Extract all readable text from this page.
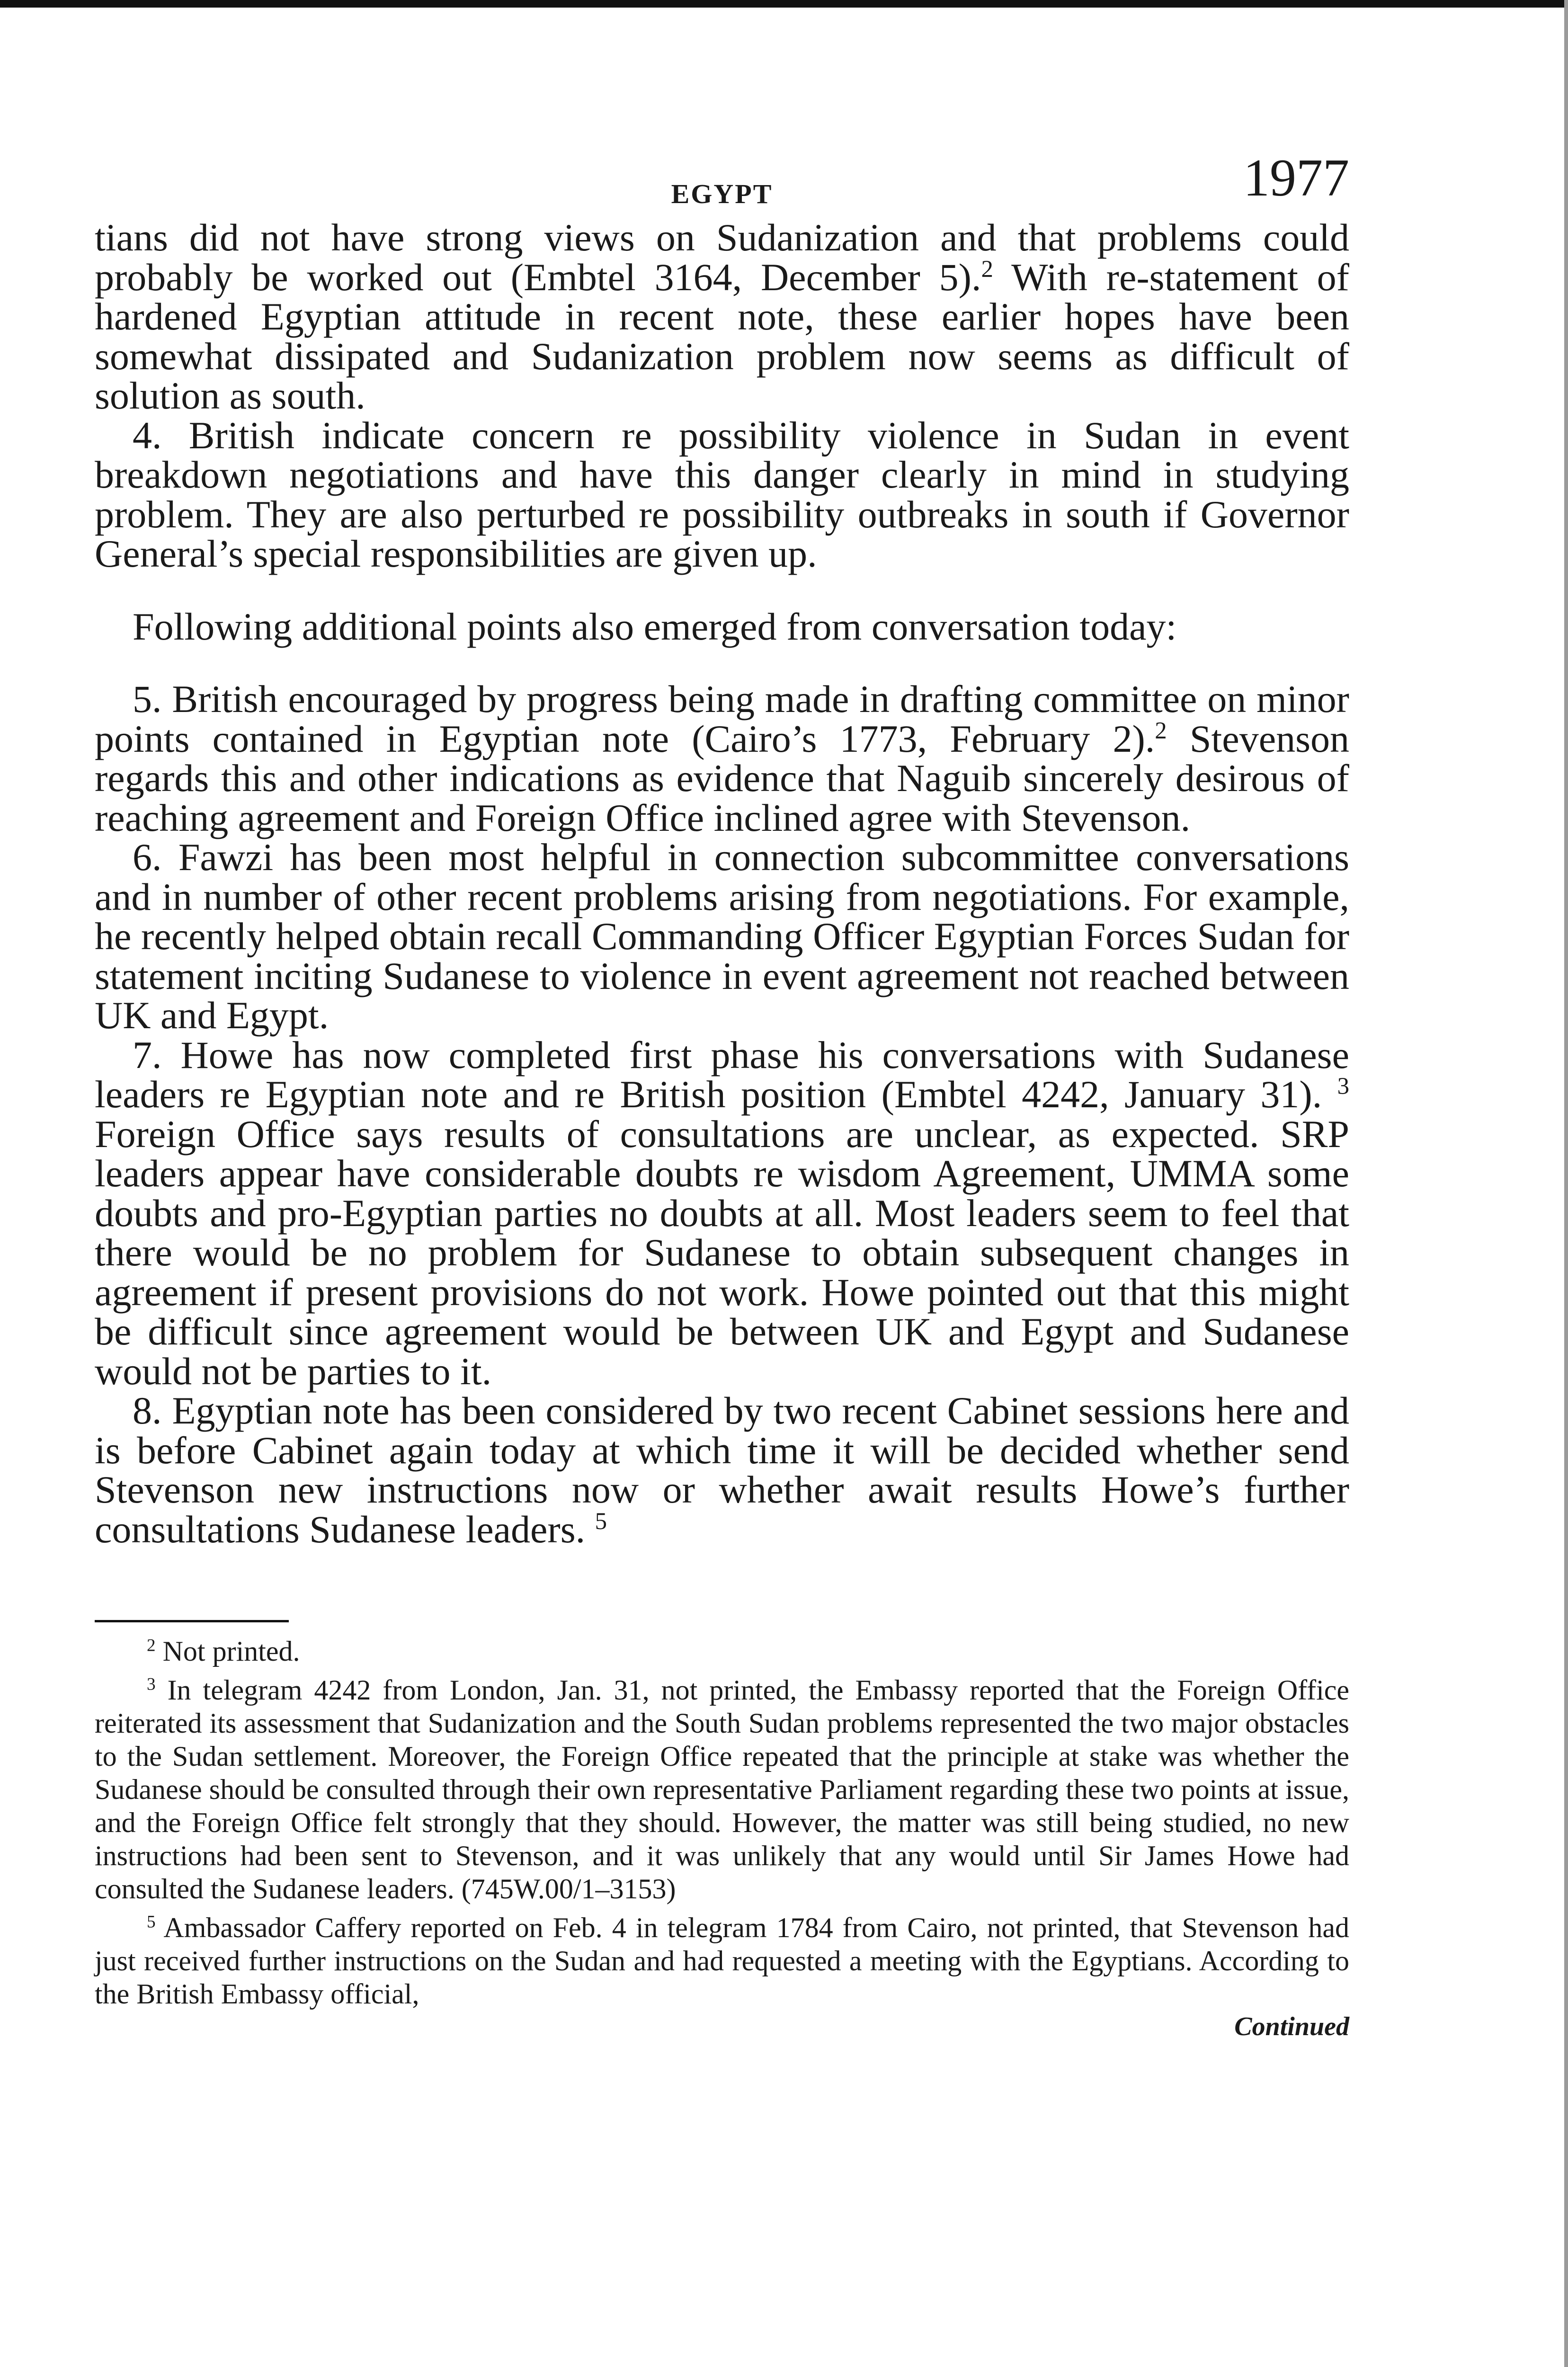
EGYPT	1977

tians did not have strong views on Sudanization and that problems could probably be worked out (Embtel 3164, December 5).$^2$ With re-statement of hardened Egyptian attitude in recent note, these earlier hopes have been somewhat dissipated and Sudanization problem now seems as difficult of solution as south.

4. British indicate concern re possibility violence in Sudan in event breakdown negotiations and have this danger clearly in mind in studying problem. They are also perturbed re possibility outbreaks in south if Governor General’s special responsibilities are given up.

Following additional points also emerged from conversation today:

5. British encouraged by progress being made in drafting committee on minor points contained in Egyptian note (Cairo’s 1773, February 2).$^2$ Stevenson regards this and other indications as evidence that Naguib sincerely desirous of reaching agreement and Foreign Office inclined agree with Stevenson.

6. Fawzi has been most helpful in connection subcommittee conversations and in number of other recent problems arising from negotiations. For example, he recently helped obtain recall Commanding Officer Egyptian Forces Sudan for statement inciting Sudanese to violence in event agreement not reached between UK and Egypt.

7. Howe has now completed first phase his conversations with Sudanese leaders re Egyptian note and re British position (Embtel 4242, January 31). $^3$ Foreign Office says results of consultations are unclear, as expected. SRP leaders appear have considerable doubts re wisdom Agreement, UMMA some doubts and pro-Egyptian parties no doubts at all. Most leaders seem to feel that there would be no problem for Sudanese to obtain subsequent changes in agreement if present provisions do not work. Howe pointed out that this might be difficult since agreement would be between UK and Egypt and Sudanese would not be parties to it.

8. Egyptian note has been considered by two recent Cabinet sessions here and is before Cabinet again today at which time it will be decided whether send Stevenson new instructions now or whether await results Howe’s further consultations Sudanese leaders. $^5$

$^2$ Not printed.

$^3$ In telegram 4242 from London, Jan. 31, not printed, the Embassy reported that the Foreign Office reiterated its assessment that Sudanization and the South Sudan problems represented the two major obstacles to the Sudan settlement. Moreover, the Foreign Office repeated that the principle at stake was whether the Sudanese should be consulted through their own representative Parliament regarding these two points at issue, and the Foreign Office felt strongly that they should. However, the matter was still being studied, no new instructions had been sent to Stevenson, and it was unlikely that any would until Sir James Howe had consulted the Sudanese leaders. (745W.00/1–3153)

$^5$ Ambassador Caffery reported on Feb. 4 in telegram 1784 from Cairo, not printed, that Stevenson had just received further instructions on the Sudan and had requested a meeting with the Egyptians. According to the British Embassy official,

Continued
